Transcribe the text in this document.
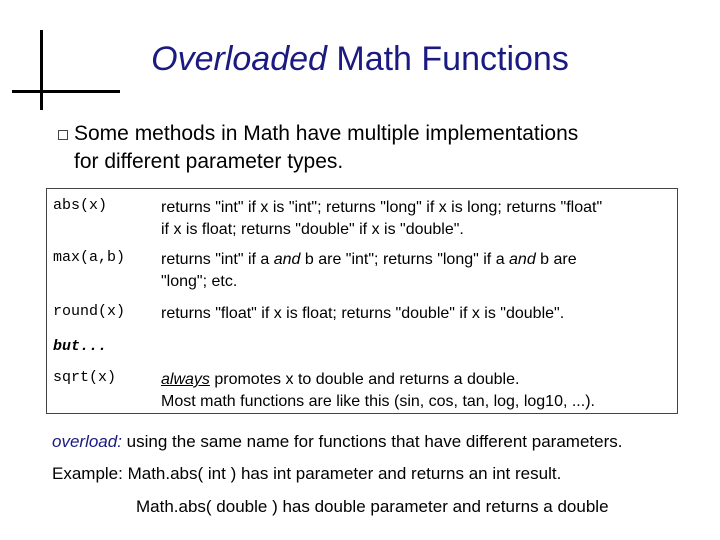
Overloaded Math Functions
Some methods in Math have multiple implementations
for different parameter types.
abs(x)	returns "int" if x is "int"; returns "long" if x is long; returns "float"
if x is float; returns "double" if x is "double".
max(a,b) returns "int" if a and b are "int"; returns "long" if a and b are
"long"; etc.
round(x) returns "float" if x is float; returns "double" if x is "double".
but...
sqrt(x)	always promotes x to double and returns a double.
Most math functions are like this (sin, cos, tan, log, log10, ...).
overload: using the same name for functions that have different parameters.
Example: Math.abs( int ) has int parameter and returns an int result.
Math.abs( double ) has double parameter and returns a double
